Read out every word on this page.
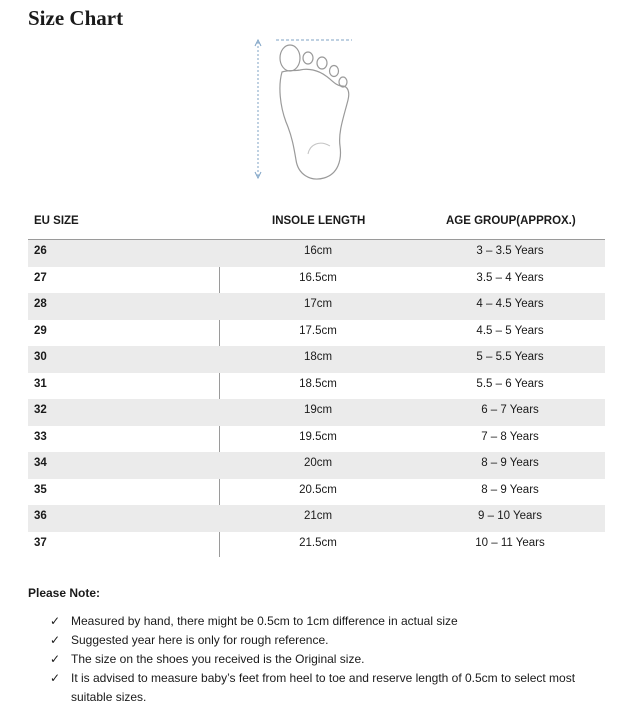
Size Chart
EU SIZE	INSOLE LENGTH	AGE GROUP(APPROX.)
26	16cm	3 – 3.5 Years
27	16.5cm	3.5 – 4 Years
28	17cm	4 – 4.5 Years
29	17.5cm	4.5 – 5 Years
30	18cm	5 – 5.5 Years
31	18.5cm	5.5 – 6 Years
32	19cm	6 – 7 Years
33	19.5cm	7 – 8 Years
34	20cm	8 – 9 Years
35	20.5cm	8 – 9 Years
36	21cm	9 – 10 Years
37	21.5cm	10 – 11 Years
Please Note:
✓ Measured by hand, there might be 0.5cm to 1cm difference in actual size
✓ Suggested year here is only for rough reference.
✓ The size on the shoes you received is the Original size.
✓ It is advised to measure baby’s feet from heel to toe and reserve length of 0.5cm to select most suitable sizes.
